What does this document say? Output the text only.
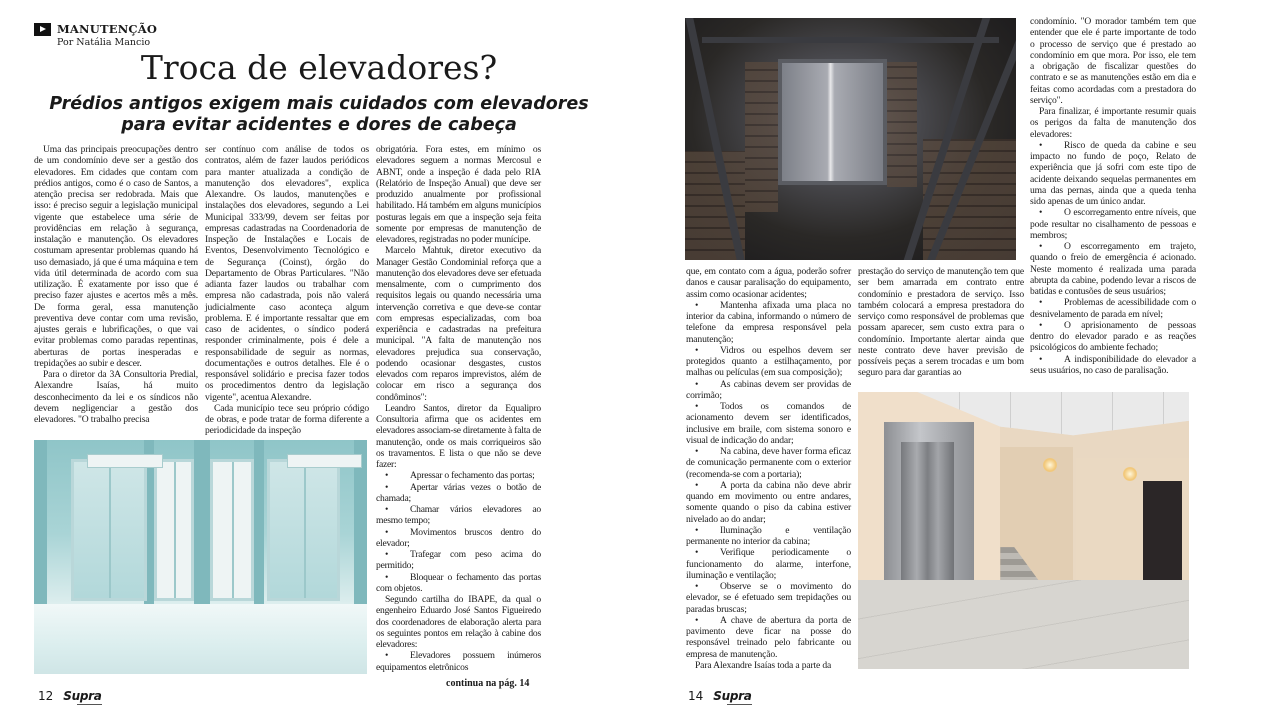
MANUTENÇÃO
Por Natália Mancio
Troca de elevadores?
Prédios antigos exigem mais cuidados com elevadores para evitar acidentes e dores de cabeça

Uma das principais preocupações dentro de um condomínio deve ser a gestão dos elevadores. Em cidades que contam com prédios antigos, como é o caso de Santos, a atenção precisa ser redobrada. Mais que isso: é preciso seguir a legislação municipal vigente que estabelece uma série de providências em relação à segurança, instalação e manutenção. Os elevadores costumam apresentar problemas quando há uso demasiado, já que é uma máquina e tem vida útil determinada de acordo com sua utilização. É exatamente por isso que é preciso fazer ajustes e acertos mês a mês. De forma geral, essa manutenção preventiva deve contar com uma revisão, ajustes gerais e lubrificações, o que vai evitar problemas como paradas repentinas, aberturas de portas inesperadas e trepidações ao subir e descer.

Para o diretor da 3A Consultoria Predial, Alexandre Isaías, há muito desconhecimento da lei e os síndicos não devem negligenciar a gestão dos elevadores. "O trabalho precisa

ser contínuo com análise de todos os contratos, além de fazer laudos periódicos para manter atualizada a condição de manutenção dos elevadores", explica Alexandre. Os laudos, manutenções e instalações dos elevadores, segundo a Lei Municipal 333/99, devem ser feitas por empresas cadastradas na Coordenadoria de Inspeção de Instalações e Locais de Eventos, Desenvolvimento Tecnológico e de Segurança (Coinst), órgão do Departamento de Obras Particulares. "Não adianta fazer laudos ou trabalhar com empresa não cadastrada, pois não valerá judicialmente caso aconteça algum problema. E é importante ressaltar que em caso de acidentes, o síndico poderá responder criminalmente, pois é dele a responsabilidade de seguir as normas, documentações e outros detalhes. Ele é o responsável solidário e precisa fazer todos os procedimentos dentro da legislação vigente", acentua Alexandre.

Cada município tece seu próprio código de obras, e pode tratar de forma diferente a periodicidade da inspeção

obrigatória. Fora estes, em mínimo os elevadores seguem a normas Mercosul e ABNT, onde a inspeção é dada pelo RIA (Relatório de Inspeção Anual) que deve ser produzido anualmente por profissional habilitado. Há também em alguns municípios posturas legais em que a inspeção seja feita somente por empresas de manutenção de elevadores, registradas no poder munícipe.

Marcelo Mahtuk, diretor executivo da Manager Gestão Condominial reforça que a manutenção dos elevadores deve ser efetuada mensalmente, com o cumprimento dos requisitos legais ou quando necessária uma intervenção corretiva e que deve-se contar com empresas especializadas, com boa experiência e cadastradas na prefeitura municipal. "A falta de manutenção nos elevadores prejudica sua conservação, podendo ocasionar desgastes, custos elevados com reparos imprevistos, além de colocar em risco a segurança dos condôminos":

Leandro Santos, diretor da Equalipro Consultoria afirma que os acidentes em elevadores associam-se diretamente à falta de manutenção, onde os mais corriqueiros são os travamentos. E lista o que não se deve fazer:

• Apressar o fechamento das portas;
• Apertar várias vezes o botão de chamada;
• Chamar vários elevadores ao mesmo tempo;
• Movimentos bruscos dentro do elevador;
• Trafegar com peso acima do permitido;
• Bloquear o fechamento das portas com objetos.

Segundo cartilha do IBAPE, da qual o engenheiro Eduardo José Santos Figueiredo dos coordenadores de elaboração alerta para os seguintes pontos em relação à cabine dos elevadores:

• Elevadores possuem inúmeros equipamentos eletrônicos
continua na pág. 14
12 Supra

que, em contato com a água, poderão sofrer danos e causar paralisação do equipamento, assim como ocasionar acidentes;

• Mantenha afixada uma placa no interior da cabina, informando o número de telefone da empresa responsável pela manutenção;
• Vidros ou espelhos devem ser protegidos quanto a estilhaçamento, por malhas ou películas (em sua composição);
• As cabinas devem ser providas de corrimão;
• Todos os comandos de acionamento devem ser identificados, inclusive em braile, com sistema sonoro e visual de indicação do andar;
• Na cabina, deve haver forma eficaz de comunicação permanente com o exterior (recomenda-se com a portaria);
• A porta da cabina não deve abrir quando em movimento ou entre andares, somente quando o piso da cabina estiver nivelado ao do andar;
• Iluminação e ventilação permanente no interior da cabina;
• Verifique periodicamente o funcionamento do alarme, interfone, iluminação e ventilação;
• Observe se o movimento do elevador, se é efetuado sem trepidações ou paradas bruscas;
• A chave de abertura da porta de pavimento deve ficar na posse do responsável treinado pelo fabricante ou empresa de manutenção.

Para Alexandre Isaías toda a parte da

prestação do serviço de manutenção tem que ser bem amarrada em contrato entre condomínio e prestadora de serviço. Isso também colocará a empresa prestadora do serviço como responsável de problemas que possam aparecer, sem custo extra para o condomínio. Importante alertar ainda que neste contrato deve haver previsão de possíveis peças a serem trocadas e um bom seguro para dar garantias ao

condomínio. "O morador também tem que entender que ele é parte importante de todo o processo de serviço que é prestado ao condomínio em que mora. Por isso, ele tem a obrigação de fiscalizar questões do contrato e se as manutenções estão em dia e feitas como acordadas com a prestadora do serviço".

Para finalizar, é importante resumir quais os perigos da falta de manutenção dos elevadores:

• Risco de queda da cabine e seu impacto no fundo de poço, Relato de experiência que já sofri com este tipo de acidente deixando sequelas permanentes em uma das pernas, ainda que a queda tenha sido apenas de um único andar.
• O escorregamento entre níveis, que pode resultar no cisalhamento de pessoas e membros;
• O escorregamento em trajeto, quando o freio de emergência é acionado. Neste momento é realizada uma parada abrupta da cabine, podendo levar a riscos de batidas e contusões de seus usuários;
• Problemas de acessibilidade com o desnivelamento de parada em nível;
• O aprisionamento de pessoas dentro do elevador parado e as reações psicológicos do ambiente fechado;
• A indisponibilidade do elevador a seus usuários, no caso de paralisação.
14 Supra
